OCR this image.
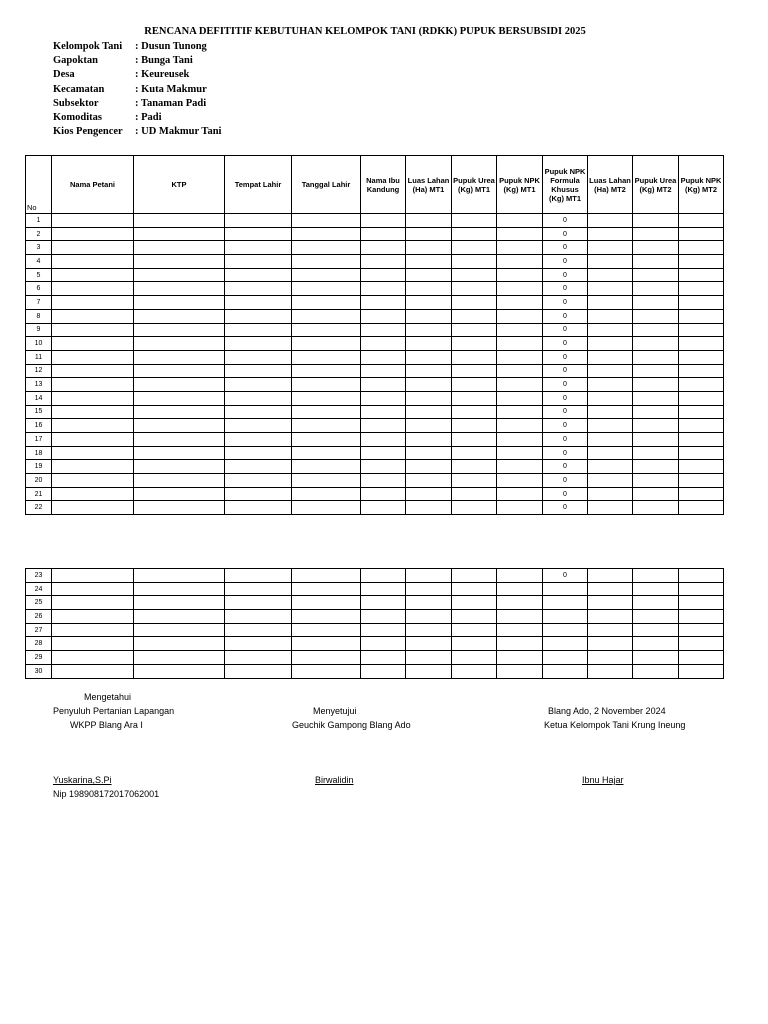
RENCANA DEFITITIF KEBUTUHAN KELOMPOK TANI (RDKK) PUPUK BERSUBSIDI 2025
Kelompok Tani : Dusun Tunong
Gapoktan	: Bunga Tani
Desa	: Keureusek
Kecamatan	: Kuta Makmur
Subsektor	: Tanaman Padi
Komoditas	: Padi
Kios Pengencer : UD Makmur Tani
No	Nama Petani	KTP	Tempat Lahir	Tanggal Lahir	Nama Ibu Kandung	Luas Lahan (Ha) MT1	Pupuk Urea (Kg) MT1	Pupuk NPK (Kg) MT1	Pupuk NPK Formula Khusus (Kg) MT1	Luas Lahan (Ha) MT2	Pupuk Urea (Kg) MT2	Pupuk NPK (Kg) MT2
1									0			
2									0			
3									0			
4									0			
5									0			
6									0			
7									0			
8									0			
9									0			
10									0			
11									0			
12									0			
13									0			
14									0			
15									0			
16									0			
17									0			
18									0			
19									0			
20									0			
21									0			
22									0			
23									0			
24												
25												
26												
27												
28												
29												
30												
Mengetahui
Penyuluh Pertanian Lapangan
WKPP Blang Ara I
Yuskarina,S.Pi
Nip 198908172017062001
Menyetujui
Geuchik Gampong Blang Ado
Birwalidin
Blang Ado, 2 November 2024
Ketua Kelompok Tani Krung Ineung
Ibnu Hajar
